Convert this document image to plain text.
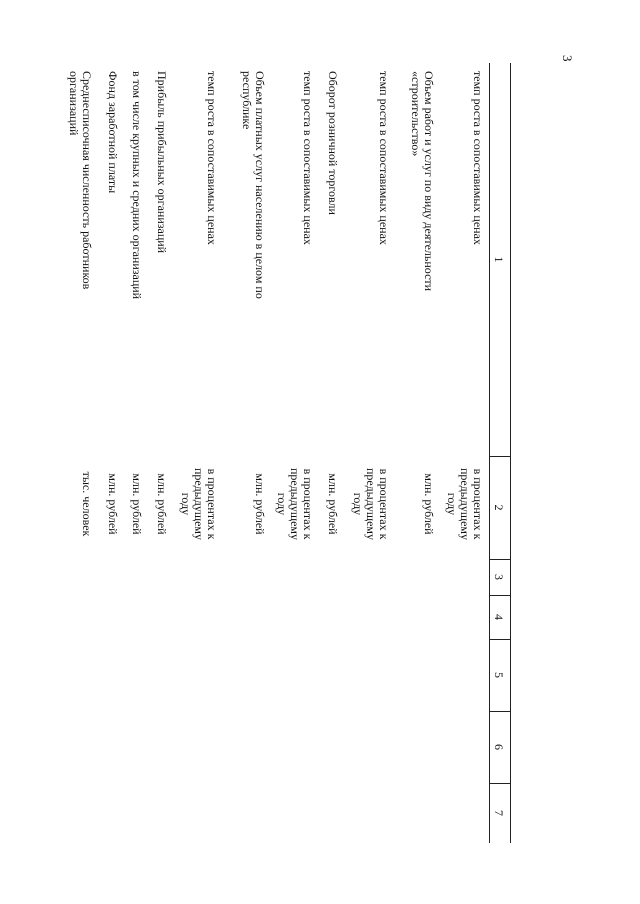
3
1
2
3
4
5
6
7
темп роста в сопоставимых ценах
в процентах к предыдущему году
Объем работ и услуг по виду деятельности «строительство»
млн. рублей
темп роста в сопоставимых ценах
в процентах к предыдущему году
Оборот розничной торговли
млн. рублей
темп роста в сопоставимых ценах
в процентах к предыдущему году
Объем платных услуг населению в целом по республике
млн. рублей
темп роста в сопоставимых ценах
в процентах к предыдущему году
Прибыль прибыльных организаций
млн. рублей
в том числе крупных и средних организаций
млн. рублей
Фонд заработной платы
млн. рублей
Среднесписочная численность работников организаций
тыс. человек
